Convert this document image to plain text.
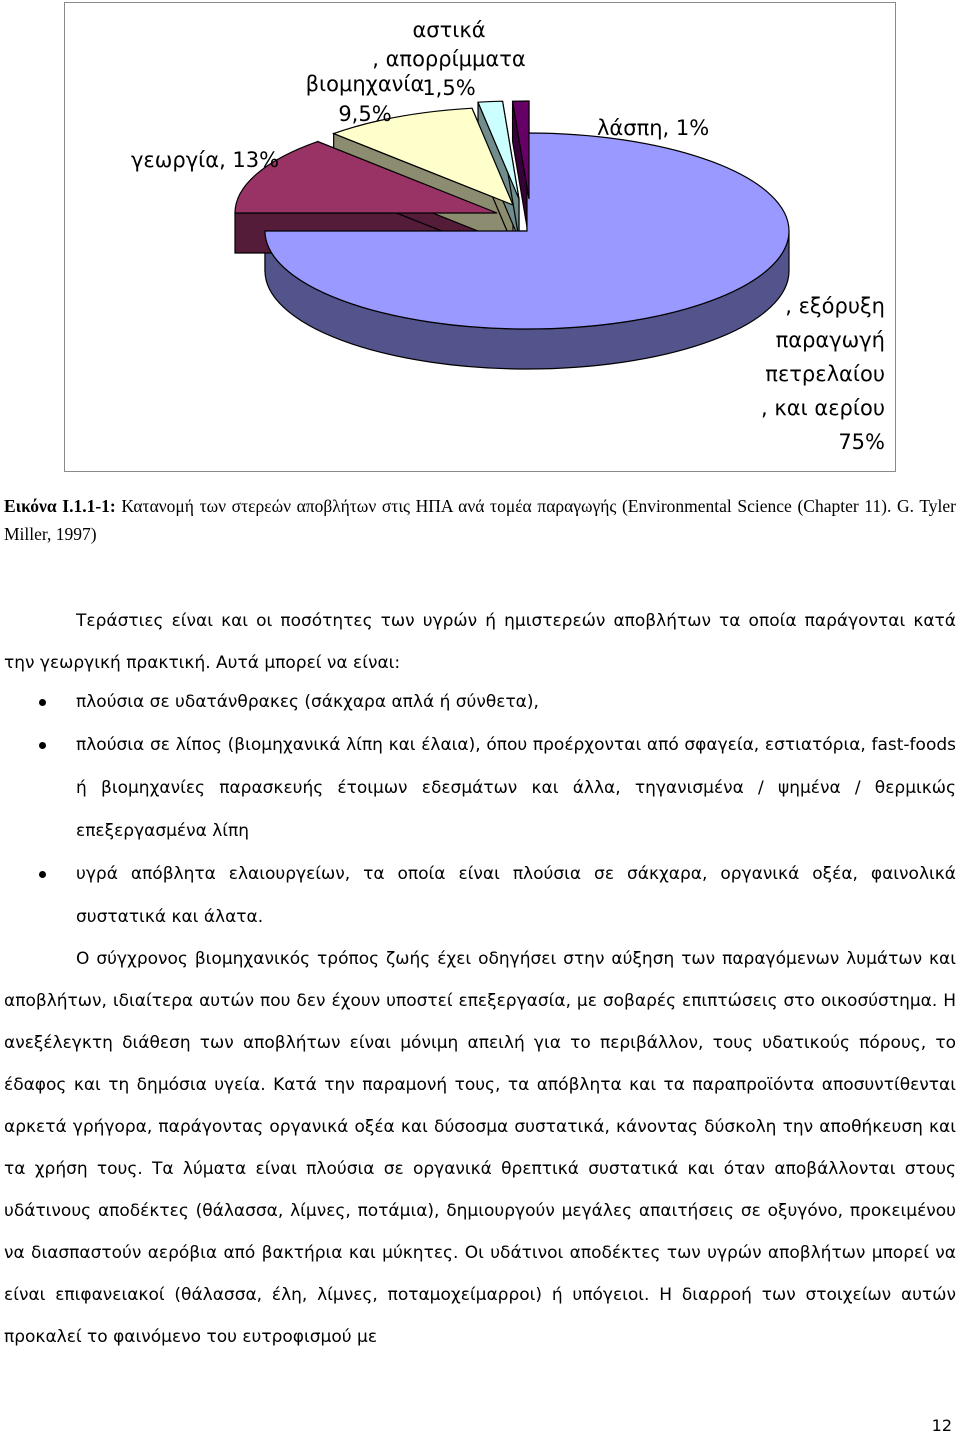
, εξόρυξη
παραγωγή
πετρελαίου
, και αερίου
75%
γεωργία, 13%
βιομηχανία
9,5%
αστικά
, απορρίμματα
1,5%
λάσπη, 1%
Εικόνα Ι.1.1-1: Κατανομή των στερεών αποβλήτων στις ΗΠΑ ανά τομέα παραγωγής (Environmental Science (Chapter 11). G. Tyler Miller, 1997)
Τεράστιες είναι και οι ποσότητες των υγρών ή ημιστερεών αποβλήτων τα οποία παράγονται κατά την γεωργική πρακτική. Αυτά μπορεί να είναι:
πλούσια σε υδατάνθρακες (σάκχαρα απλά ή σύνθετα),
πλούσια σε λίπος (βιομηχανικά λίπη και έλαια), όπου προέρχονται από σφαγεία, εστιατόρια, fast-foods ή βιομηχανίες παρασκευής έτοιμων εδεσμάτων και άλλα, τηγανισμένα / ψημένα / θερμικώς επεξεργασμένα λίπη
υγρά απόβλητα ελαιουργείων, τα οποία είναι πλούσια σε σάκχαρα, οργανικά οξέα, φαινολικά συστατικά και άλατα.
Ο σύγχρονος βιομηχανικός τρόπος ζωής έχει οδηγήσει στην αύξηση των παραγόμενων λυμάτων και αποβλήτων, ιδιαίτερα αυτών που δεν έχουν υποστεί επεξεργασία, με σοβαρές επιπτώσεις στο οικοσύστημα. Η ανεξέλεγκτη διάθεση των αποβλήτων είναι μόνιμη απειλή για το περιβάλλον, τους υδατικούς πόρους, το έδαφος και τη δημόσια υγεία. Κατά την παραμονή τους, τα απόβλητα και τα παραπροϊόντα αποσυντίθενται αρκετά γρήγορα, παράγοντας οργανικά οξέα και δύσοσμα συστατικά, κάνοντας δύσκολη την αποθήκευση και τα χρήση τους. Τα λύματα είναι πλούσια σε οργανικά θρεπτικά συστατικά και όταν αποβάλλονται στους υδάτινους αποδέκτες (θάλασσα, λίμνες, ποτάμια), δημιουργούν μεγάλες απαιτήσεις σε οξυγόνο, προκειμένου να διασπαστούν αερόβια από βακτήρια και μύκητες. Οι υδάτινοι αποδέκτες των υγρών αποβλήτων μπορεί να είναι επιφανειακοί (θάλασσα, έλη, λίμνες, ποταμοχείμαρροι) ή υπόγειοι. Η διαρροή των στοιχείων αυτών προκαλεί το φαινόμενο του ευτροφισμού με
12
